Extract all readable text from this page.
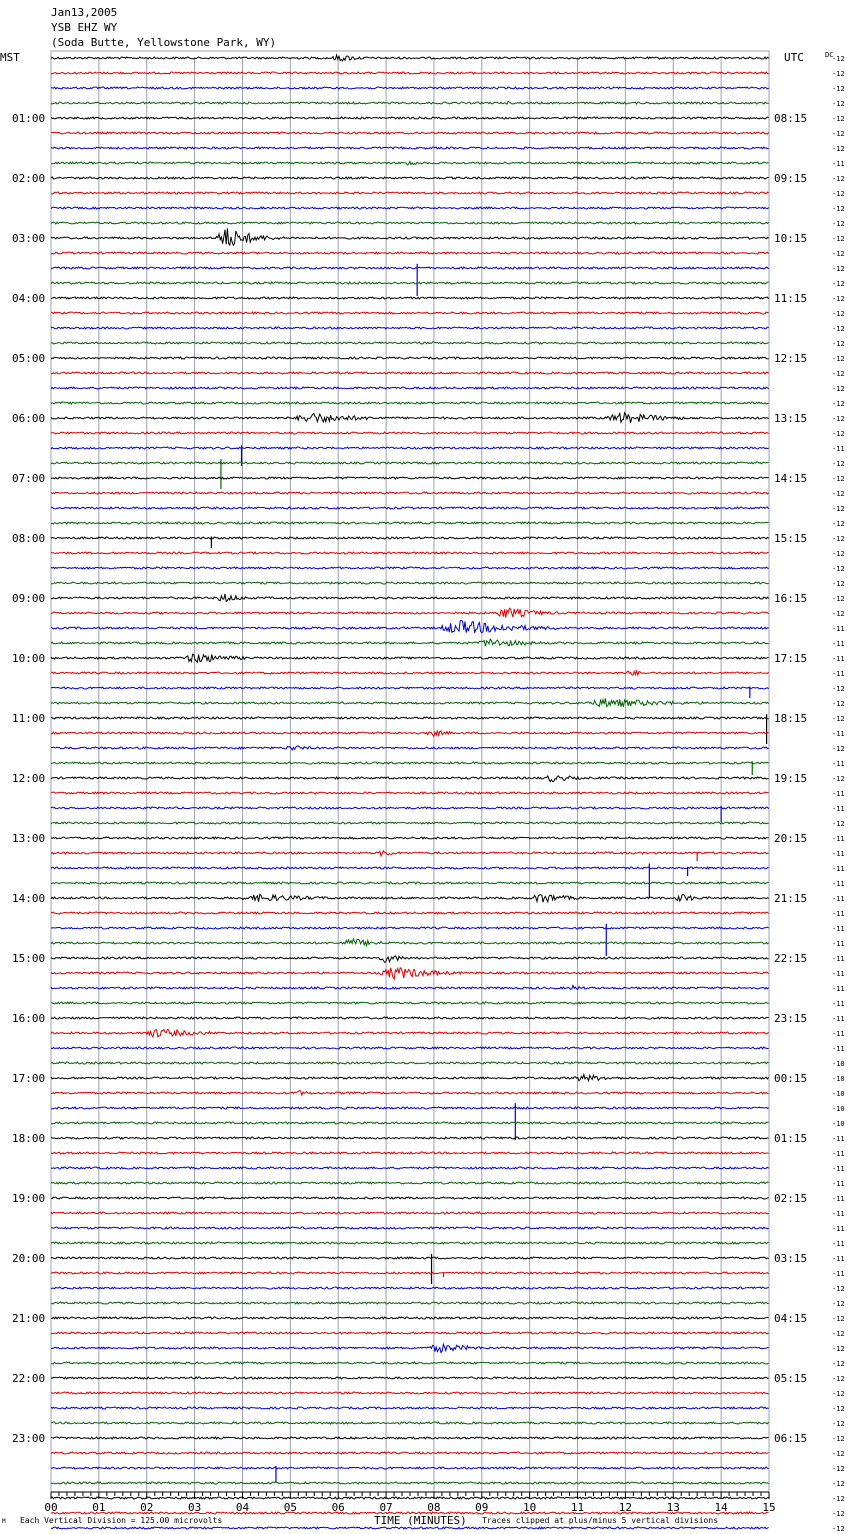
Jan13,2005
YSB EHZ WY
(Soda Butte, Yellowstone Park, WY)
MST	UTC	DC
01:00
02:00
03:00
04:00
05:00
06:00
07:00
08:00
09:00
10:00
11:00
12:00
13:00
14:00
15:00
16:00
17:00
18:00
19:00
20:00
21:00
22:00
23:00
08:15
09:15
10:15
11:15
12:15
13:15
14:15
15:15
16:15
17:15
18:15
19:15
20:15
21:15
22:15
23:15
00:15
01:15
02:15
03:15
04:15
05:15
06:15
-12
-12
-12
-12
-12
-12
-12
-11
-12
-12
-12
-12
-12
-12
-12
-12
-12
-12
-12
-12
-12
-12
-12
-12
-12
-12
-11
-12
-12
-12
-12
-12
-12
-12
-12
-12
-12
-12
-11
-11
-11
-11
-12
-12
-12
-11
-12
-11
-12
-11
-11
-12
-11
-11
-11
-11
-11
-11
-11
-11
-11
-11
-11
-11
-11
-11
-11
-10
-10
-10
-10
-10
-11
-11
-11
-11
-11
-11
-11
-11
-11
-11
-12
-12
-12
-12
-12
-12
-12
-12
-12
-12
-12
-12
-12
-12
-12
-12
-12
00	01	02	03	04	05	06	07	08	09	10	11	12	13	14	15
M Each Vertical Division = 125.00 microvolts	TIME (MINUTES) Traces clipped at plus/minus 5 vertical divisions
